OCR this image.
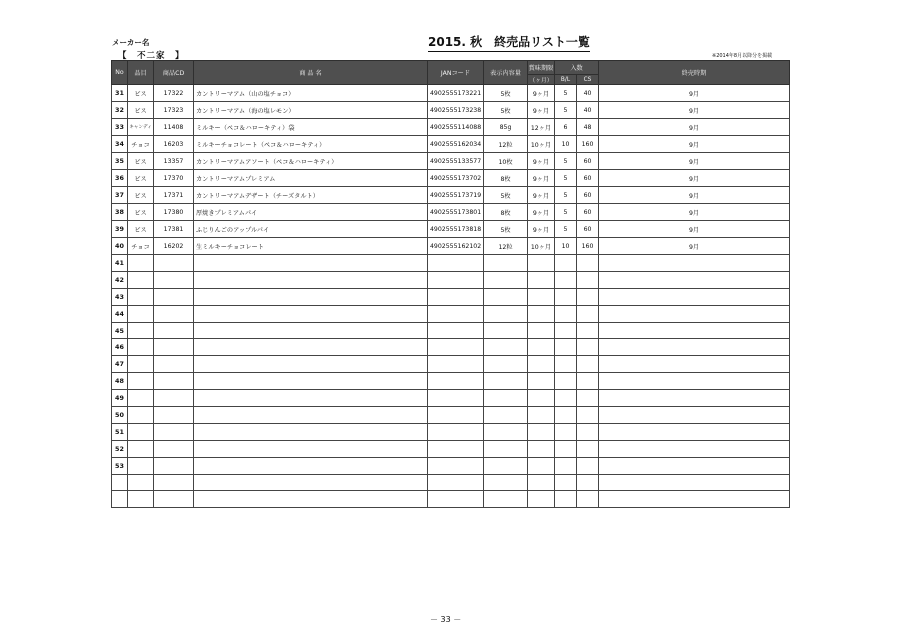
メーカー名
【　不二家　】
2015. 秋　終売品リスト一覧
※2014年8月以降分を掲載
No	品目	商品CD	商 品 名	JANコード	表示内容量	賞味期限	入数		終売時期
						（ヶ月）	B/L	CS	
31	ビス	17322	カントリーマアム（山の塩チョコ）	4902555173221	5枚	9ヶ月	5	40	9月
32	ビス	17323	カントリーマアム（海の塩レモン）	4902555173238	5枚	9ヶ月	5	40	9月
33	キャンディ	11408	ミルキー（ペコ＆ハローキティ）袋	4902555114088	85g	12ヶ月	6	48	9月
34	チョコ	16203	ミルキーチョコレート（ペコ＆ハローキティ）	4902555162034	12粒	10ヶ月	10	160	9月
35	ビス	13357	カントリーマアムアソート（ペコ＆ハローキティ）	4902555133577	10枚	9ヶ月	5	60	9月
36	ビス	17370	カントリーマアムプレミアム	4902555173702	8枚	9ヶ月	5	60	9月
37	ビス	17371	カントリーマアムデザート（チーズタルト）	4902555173719	5枚	9ヶ月	5	60	9月
38	ビス	17380	厚焼きプレミアムパイ	4902555173801	8枚	9ヶ月	5	60	9月
39	ビス	17381	ふじりんごのアップルパイ	4902555173818	5枚	9ヶ月	5	60	9月
40	チョコ	16202	生ミルキーチョコレート	4902555162102	12粒	10ヶ月	10	160	9月
41									
42									
43									
44									
45									
46									
47									
48									
49									
50									
51									
52									
53									

－ 33 －
